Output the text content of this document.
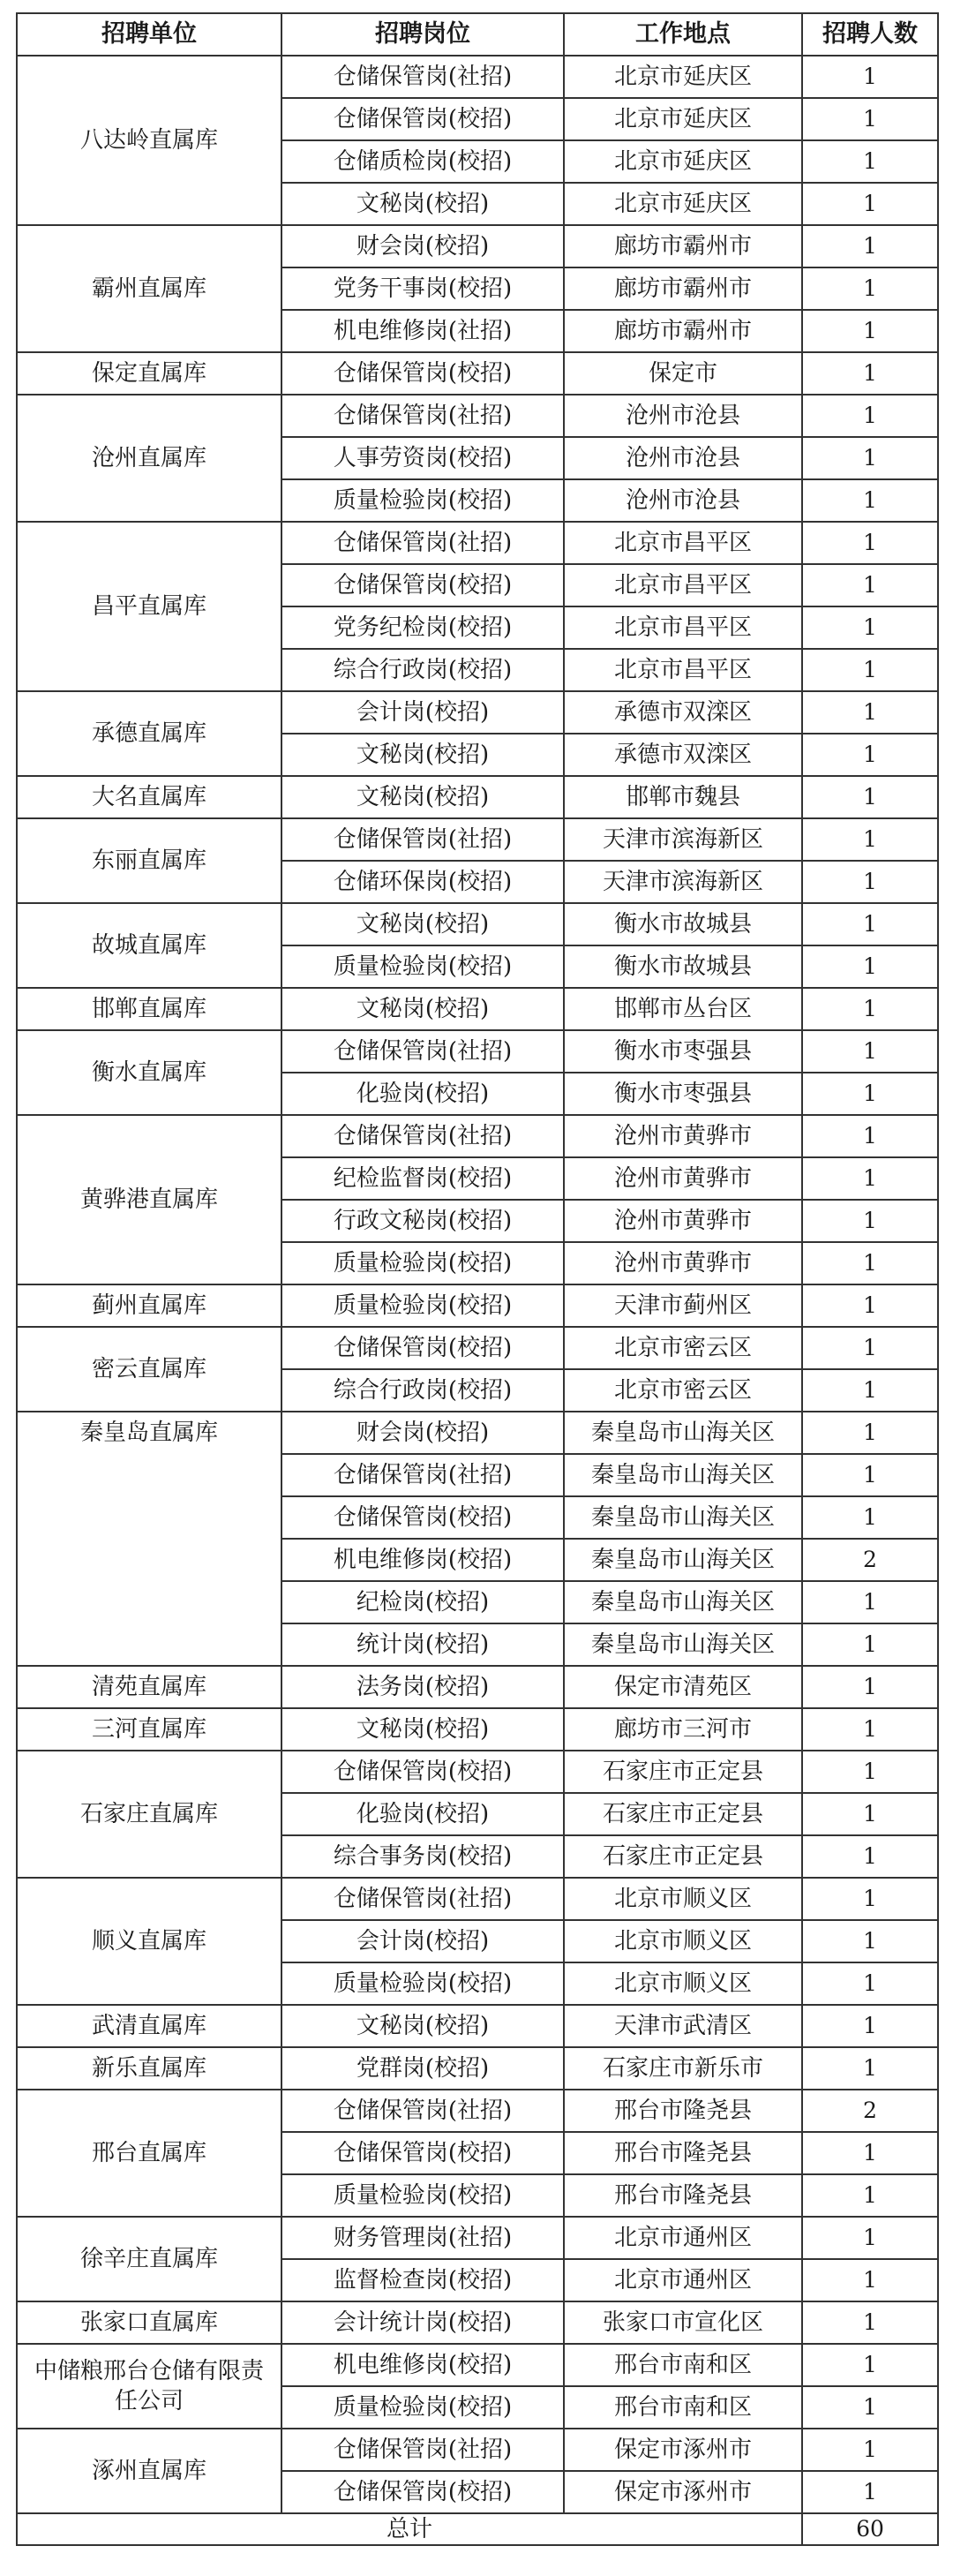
招聘单位	招聘岗位	工作地点	招聘人数
八达岭直属库	仓储保管岗(社招)	北京市延庆区	1
	仓储保管岗(校招)	北京市延庆区	1
	仓储质检岗(校招)	北京市延庆区	1
	文秘岗(校招)	北京市延庆区	1
霸州直属库	财会岗(校招)	廊坊市霸州市	1
	党务干事岗(校招)	廊坊市霸州市	1
	机电维修岗(社招)	廊坊市霸州市	1
保定直属库	仓储保管岗(校招)	保定市	1
沧州直属库	仓储保管岗(社招)	沧州市沧县	1
	人事劳资岗(校招)	沧州市沧县	1
	质量检验岗(校招)	沧州市沧县	1
昌平直属库	仓储保管岗(社招)	北京市昌平区	1
	仓储保管岗(校招)	北京市昌平区	1
	党务纪检岗(校招)	北京市昌平区	1
	综合行政岗(校招)	北京市昌平区	1
承德直属库	会计岗(校招)	承德市双滦区	1
	文秘岗(校招)	承德市双滦区	1
大名直属库	文秘岗(校招)	邯郸市魏县	1
东丽直属库	仓储保管岗(社招)	天津市滨海新区	1
	仓储环保岗(校招)	天津市滨海新区	1
故城直属库	文秘岗(校招)	衡水市故城县	1
	质量检验岗(校招)	衡水市故城县	1
邯郸直属库	文秘岗(校招)	邯郸市丛台区	1
衡水直属库	仓储保管岗(社招)	衡水市枣强县	1
	化验岗(校招)	衡水市枣强县	1
黄骅港直属库	仓储保管岗(社招)	沧州市黄骅市	1
	纪检监督岗(校招)	沧州市黄骅市	1
	行政文秘岗(校招)	沧州市黄骅市	1
	质量检验岗(校招)	沧州市黄骅市	1
蓟州直属库	质量检验岗(校招)	天津市蓟州区	1
密云直属库	仓储保管岗(校招)	北京市密云区	1
	综合行政岗(校招)	北京市密云区	1
秦皇岛直属库	财会岗(校招)	秦皇岛市山海关区	1
	仓储保管岗(社招)	秦皇岛市山海关区	1
	仓储保管岗(校招)	秦皇岛市山海关区	1
	机电维修岗(校招)	秦皇岛市山海关区	2
	纪检岗(校招)	秦皇岛市山海关区	1
	统计岗(校招)	秦皇岛市山海关区	1
清苑直属库	法务岗(校招)	保定市清苑区	1
三河直属库	文秘岗(校招)	廊坊市三河市	1
石家庄直属库	仓储保管岗(校招)	石家庄市正定县	1
	化验岗(校招)	石家庄市正定县	1
	综合事务岗(校招)	石家庄市正定县	1
顺义直属库	仓储保管岗(社招)	北京市顺义区	1
	会计岗(校招)	北京市顺义区	1
	质量检验岗(校招)	北京市顺义区	1
武清直属库	文秘岗(校招)	天津市武清区	1
新乐直属库	党群岗(校招)	石家庄市新乐市	1
邢台直属库	仓储保管岗(社招)	邢台市隆尧县	2
	仓储保管岗(校招)	邢台市隆尧县	1
	质量检验岗(校招)	邢台市隆尧县	1
徐辛庄直属库	财务管理岗(社招)	北京市通州区	1
	监督检查岗(校招)	北京市通州区	1
张家口直属库	会计统计岗(校招)	张家口市宣化区	1
中储粮邢台仓储有限责任公司	机电维修岗(校招)	邢台市南和区	1
	质量检验岗(校招)	邢台市南和区	1
涿州直属库	仓储保管岗(社招)	保定市涿州市	1
	仓储保管岗(校招)	保定市涿州市	1
总计			60
